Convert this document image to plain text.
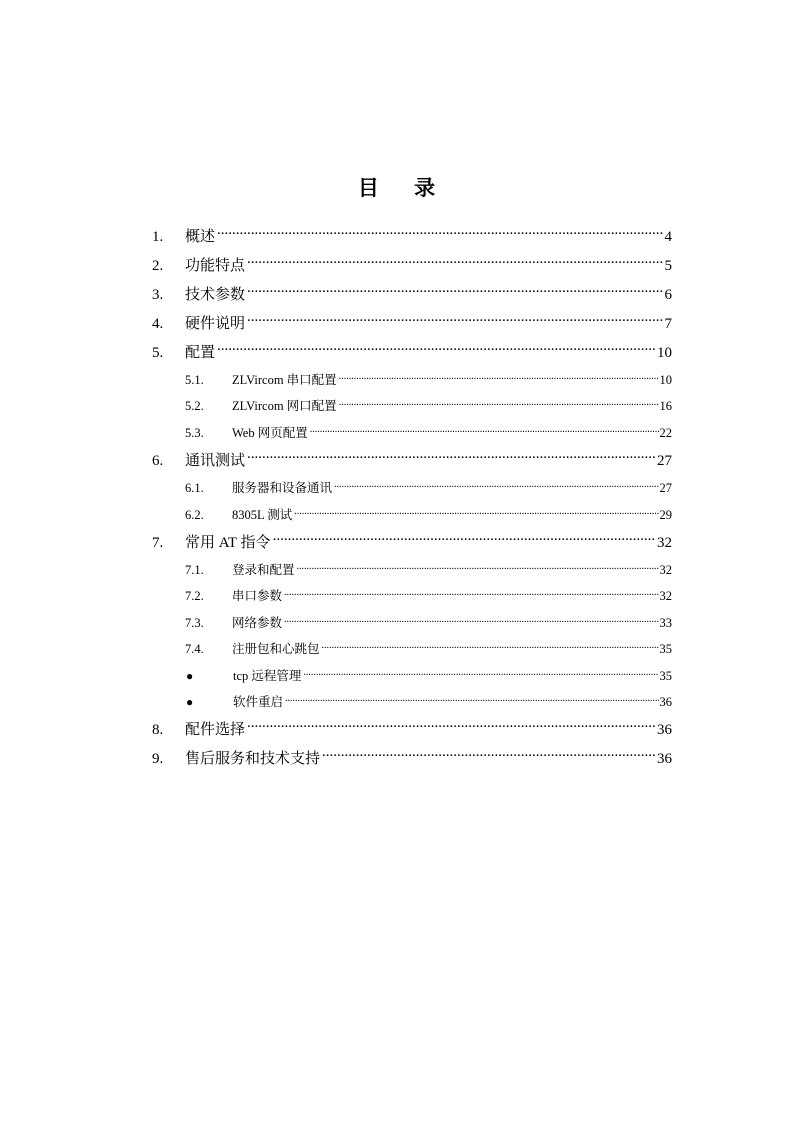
目 录
1.	概述 .....	4
2.	功能特点 .....	5
3.	技术参数 .....	6
4.	硬件说明 .....	7
5.	配置 .....	10
5.1.	ZLVircom 串口配置 .....	10
5.2.	ZLVircom 网口配置 .....	16
5.3.	Web 网页配置 .....	22
6.	通讯测试 .....	27
6.1.	服务器和设备通讯 .....	27
6.2.	8305L 测试 .....	29
7.	常用 AT 指令 .....	32
7.1.	登录和配置 .....	32
7.2.	串口参数 .....	32
7.3.	网络参数 .....	33
7.4.	注册包和心跳包 .....	35
●	tcp 远程管理 .....	35
●	软件重启 .....	36
8.	配件选择 .....	36
9.	售后服务和技术支持 .....	36
